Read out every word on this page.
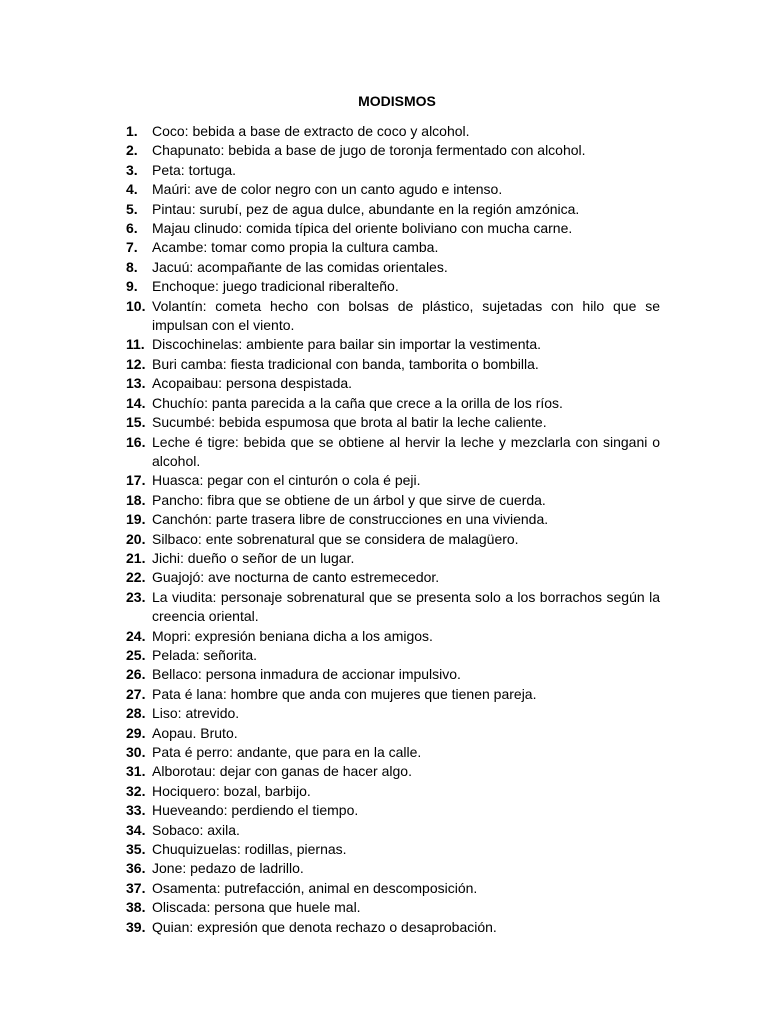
MODISMOS
1.	Coco: bebida a base de extracto de coco y alcohol.
2.	Chapunato: bebida a base de jugo de toronja fermentado con alcohol.
3.	Peta: tortuga.
4.	Maúri: ave de color negro con un canto agudo e intenso.
5.	Pintau: surubí, pez de agua dulce, abundante en la región amzónica.
6.	Majau clinudo: comida típica del oriente boliviano con mucha carne.
7.	Acambe: tomar como propia la cultura camba.
8.	Jacuú: acompañante de las comidas orientales.
9.	Enchoque: juego tradicional riberalteño.
10. Volantín: cometa hecho con bolsas de plástico, sujetadas con hilo que se impulsan con el viento.
11. Discochinelas: ambiente para bailar sin importar la vestimenta.
12. Buri camba: fiesta tradicional con banda, tamborita o bombilla.
13. Acopaibau: persona despistada.
14. Chuchío: panta parecida a la caña que crece a la orilla de los ríos.
15. Sucumbé: bebida espumosa que brota al batir la leche caliente.
16. Leche é tigre: bebida que se obtiene al hervir la leche y mezclarla con singani o alcohol.
17. Huasca: pegar con el cinturón o cola é peji.
18. Pancho: fibra que se obtiene de un árbol y que sirve de cuerda.
19. Canchón: parte trasera libre de construcciones en una vivienda.
20. Silbaco: ente sobrenatural que se considera de malagüero.
21. Jichi: dueño o señor de un lugar.
22. Guajojó: ave nocturna de canto estremecedor.
23. La viudita: personaje sobrenatural que se presenta solo a los borrachos según la creencia oriental.
24. Mopri: expresión beniana dicha a los amigos.
25. Pelada: señorita.
26. Bellaco: persona inmadura de accionar impulsivo.
27. Pata é lana: hombre que anda con mujeres que tienen pareja.
28. Liso: atrevido.
29. Aopau. Bruto.
30. Pata é perro: andante, que para en la calle.
31. Alborotau: dejar con ganas de hacer algo.
32. Hociquero: bozal, barbijo.
33. Hueveando: perdiendo el tiempo.
34. Sobaco: axila.
35. Chuquizuelas: rodillas, piernas.
36. Jone: pedazo de ladrillo.
37. Osamenta: putrefacción, animal en descomposición.
38. Oliscada: persona que huele mal.
39. Quian: expresión que denota rechazo o desaprobación.
